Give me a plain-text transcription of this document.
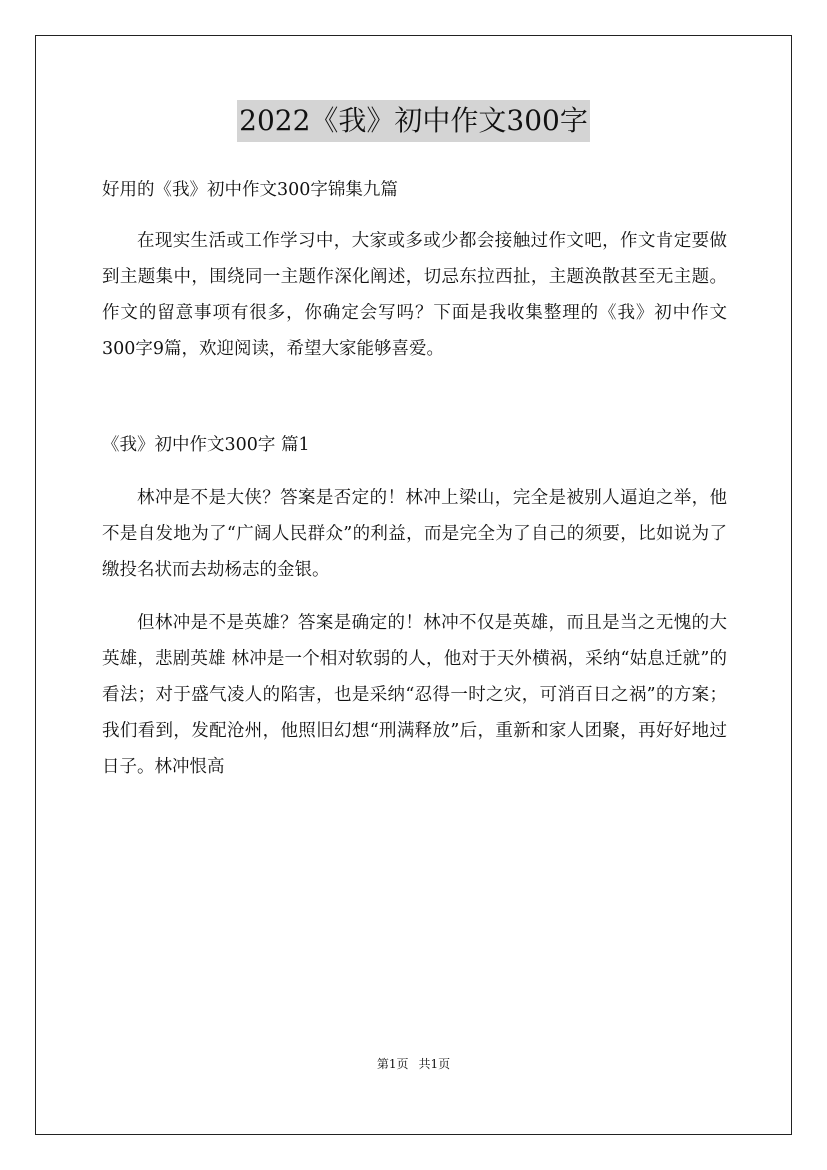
2022《我》初中作文300字
好用的《我》初中作文300字锦集九篇

在现实生活或工作学习中，大家或多或少都会接触过作文吧，作文肯定要做到主题集中，围绕同一主题作深化阐述，切忌东拉西扯，主题涣散甚至无主题。作文的留意事项有很多，你确定会写吗？下面是我收集整理的《我》初中作文300字9篇，欢迎阅读，希望大家能够喜爱。

《我》初中作文300字 篇1

林冲是不是大侠？答案是否定的！林冲上梁山，完全是被别人逼迫之举，他不是自发地为了“广阔人民群众”的利益，而是完全为了自己的须要，比如说为了缴投名状而去劫杨志的金银。

但林冲是不是英雄？答案是确定的！林冲不仅是英雄，而且是当之无愧的大英雄，悲剧英雄 林冲是一个相对软弱的人，他对于天外横祸，采纳“姑息迁就”的看法；对于盛气凌人的陷害，也是采纳“忍得一时之灾，可消百日之祸”的方案；我们看到，发配沧州，他照旧幻想“刑满释放”后，重新和家人团聚，再好好地过日子。林冲恨高

第1页 共1页
